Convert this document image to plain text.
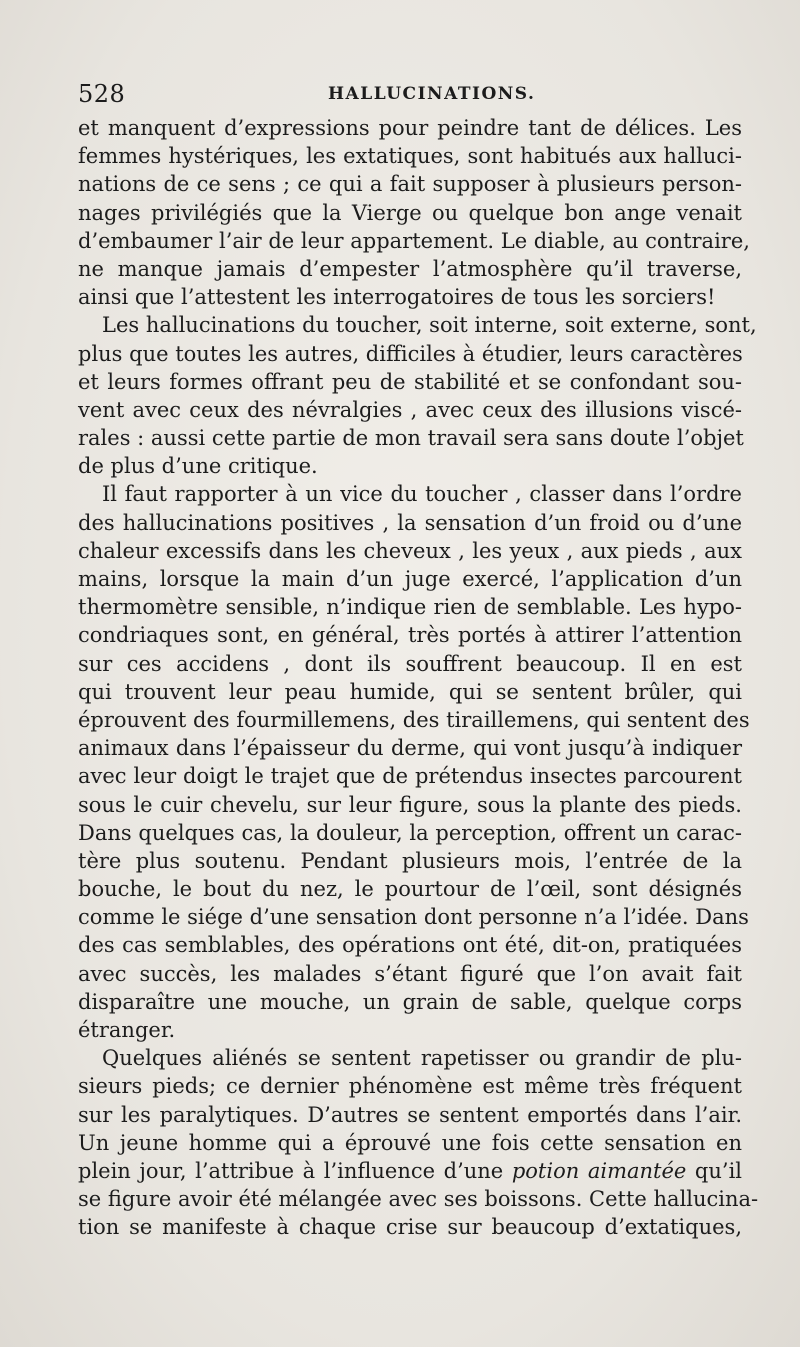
528	HALLUCINATIONS.
et manquent d’expressions pour peindre tant de délices. Les
femmes hystériques, les extatiques, sont habitués aux halluci-
nations de ce sens ; ce qui a fait supposer à plusieurs person-
nages privilégiés que la Vierge ou quelque bon ange venait
d’embaumer l’air de leur appartement. Le diable, au contraire,
ne manque jamais d’empester l’atmosphère qu’il traverse,
ainsi que l’attestent les interrogatoires de tous les sorciers!
Les hallucinations du toucher, soit interne, soit externe, sont,
plus que toutes les autres, difficiles à étudier, leurs caractères
et leurs formes offrant peu de stabilité et se confondant sou-
vent avec ceux des névralgies , avec ceux des illusions viscé-
rales : aussi cette partie de mon travail sera sans doute l’objet
de plus d’une critique.
Il faut rapporter à un vice du toucher , classer dans l’ordre
des hallucinations positives , la sensation d’un froid ou d’une
chaleur excessifs dans les cheveux , les yeux , aux pieds , aux
mains, lorsque la main d’un juge exercé, l’application d’un
thermomètre sensible, n’indique rien de semblable. Les hypo-
condriaques sont, en général, très portés à attirer l’attention
sur ces accidens , dont ils souffrent beaucoup. Il en est
qui trouvent leur peau humide, qui se sentent brûler, qui
éprouvent des fourmillemens, des tiraillemens, qui sentent des
animaux dans l’épaisseur du derme, qui vont jusqu’à indiquer
avec leur doigt le trajet que de prétendus insectes parcourent
sous le cuir chevelu, sur leur figure, sous la plante des pieds.
Dans quelques cas, la douleur, la perception, offrent un carac-
tère plus soutenu. Pendant plusieurs mois, l’entrée de la
bouche, le bout du nez, le pourtour de l’œil, sont désignés
comme le siége d’une sensation dont personne n’a l’idée. Dans
des cas semblables, des opérations ont été, dit-on, pratiquées
avec succès, les malades s’étant figuré que l’on avait fait
disparaître une mouche, un grain de sable, quelque corps
étranger.
Quelques aliénés se sentent rapetisser ou grandir de plu-
sieurs pieds; ce dernier phénomène est même très fréquent
sur les paralytiques. D’autres se sentent emportés dans l’air.
Un jeune homme qui a éprouvé une fois cette sensation en
plein jour, l’attribue à l’influence d’une potion aimantée qu’il
se figure avoir été mélangée avec ses boissons. Cette hallucina-
tion se manifeste à chaque crise sur beaucoup d’extatiques,
